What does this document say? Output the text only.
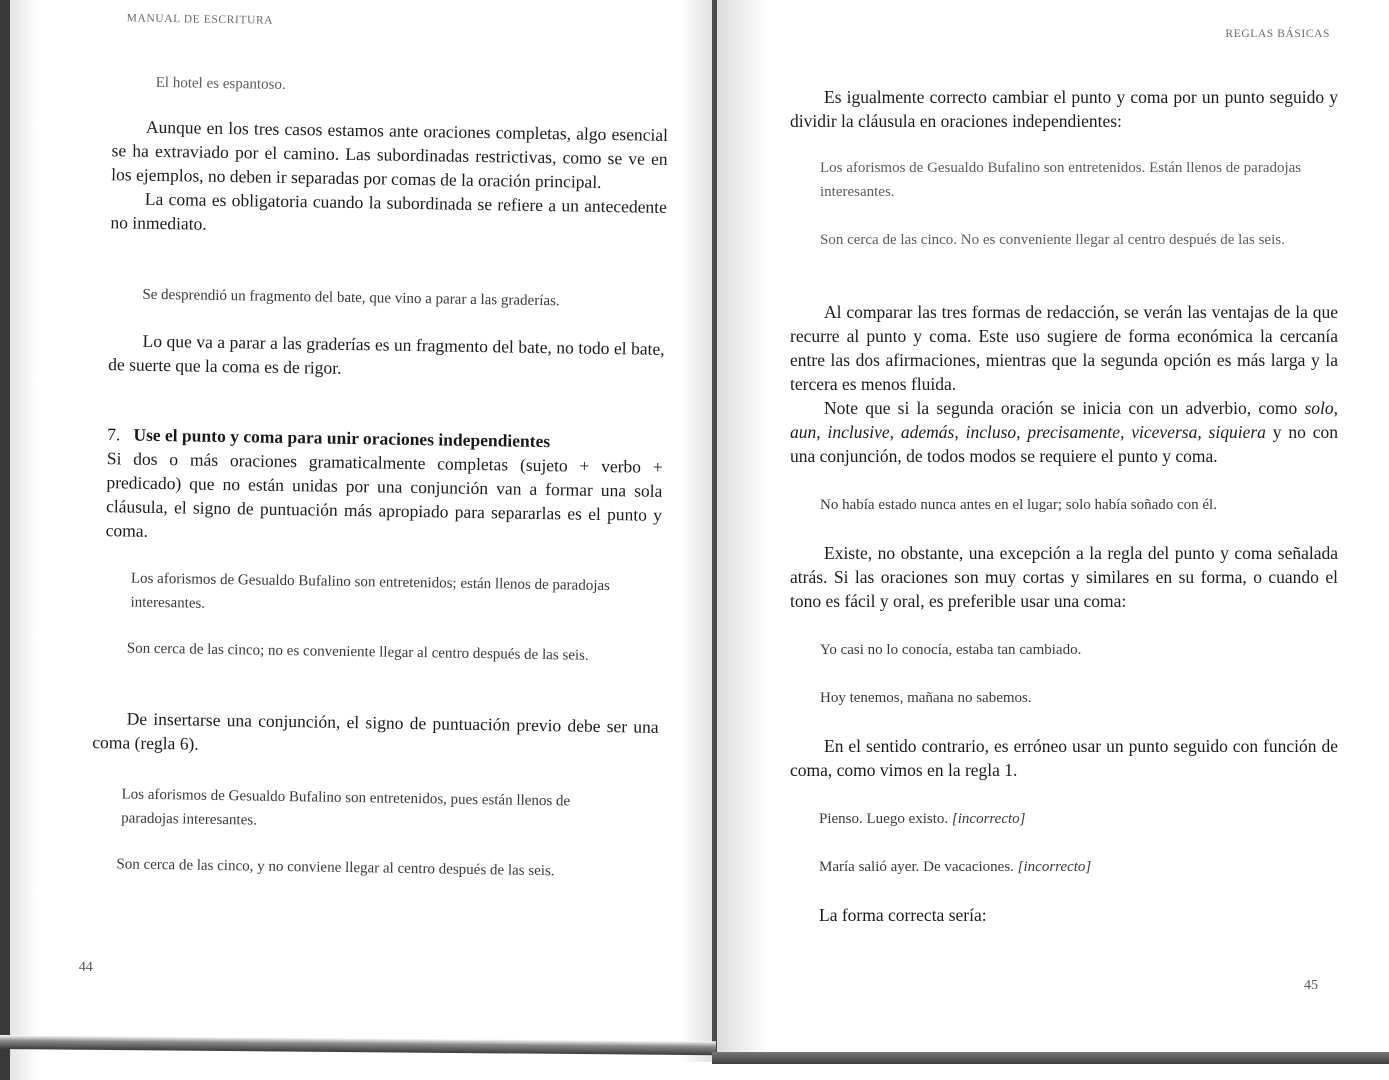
MANUAL DE ESCRITURA
El hotel es espantoso.

Aunque en los tres casos estamos ante oraciones completas, algo esencial se ha extraviado por el camino. Las subordinadas restrictivas, como se ve en los ejemplos, no deben ir separadas por comas de la oración principal.

La coma es obligatoria cuando la subordinada se refiere a un antecedente no inmediato.

Se desprendió un fragmento del bate, que vino a parar a las graderías.

Lo que va a parar a las graderías es un fragmento del bate, no todo el bate, de suerte que la coma es de rigor.

7. Use el punto y coma para unir oraciones independientes

Si dos o más oraciones gramaticalmente completas (sujeto + verbo + predicado) que no están unidas por una conjunción van a formar una sola cláusula, el signo de puntuación más apropiado para separarlas es el punto y coma.

Los aforismos de Gesualdo Bufalino son entretenidos; están llenos de paradojas interesantes.
Son cerca de las cinco; no es conveniente llegar al centro después de las seis.

De insertarse una conjunción, el signo de puntuación previo debe ser una coma (regla 6).

Los aforismos de Gesualdo Bufalino son entretenidos, pues están llenos de paradojas interesantes.
Son cerca de las cinco, y no conviene llegar al centro después de las seis.
44
REGLAS BÁSICAS

Es igualmente correcto cambiar el punto y coma por un punto seguido y dividir la cláusula en oraciones independientes:

Los aforismos de Gesualdo Bufalino son entretenidos. Están llenos de paradojas interesantes.
Son cerca de las cinco. No es conveniente llegar al centro después de las seis.

Al comparar las tres formas de redacción, se verán las ventajas de la que recurre al punto y coma. Este uso sugiere de forma económica la cercanía entre las dos afirmaciones, mientras que la segunda opción es más larga y la tercera es menos fluida.

Note que si la segunda oración se inicia con un adverbio, como solo, aun, inclusive, además, incluso, precisamente, viceversa, siquiera y no con una conjunción, de todos modos se requiere el punto y coma.

No había estado nunca antes en el lugar; solo había soñado con él.

Existe, no obstante, una excepción a la regla del punto y coma señalada atrás. Si las oraciones son muy cortas y similares en su forma, o cuando el tono es fácil y oral, es preferible usar una coma:

Yo casi no lo conocía, estaba tan cambiado.
Hoy tenemos, mañana no sabemos.

En el sentido contrario, es erróneo usar un punto seguido con función de coma, como vimos en la regla 1.

Pienso. Luego existo. [incorrecto]
María salió ayer. De vacaciones. [incorrecto]

La forma correcta sería:

45
